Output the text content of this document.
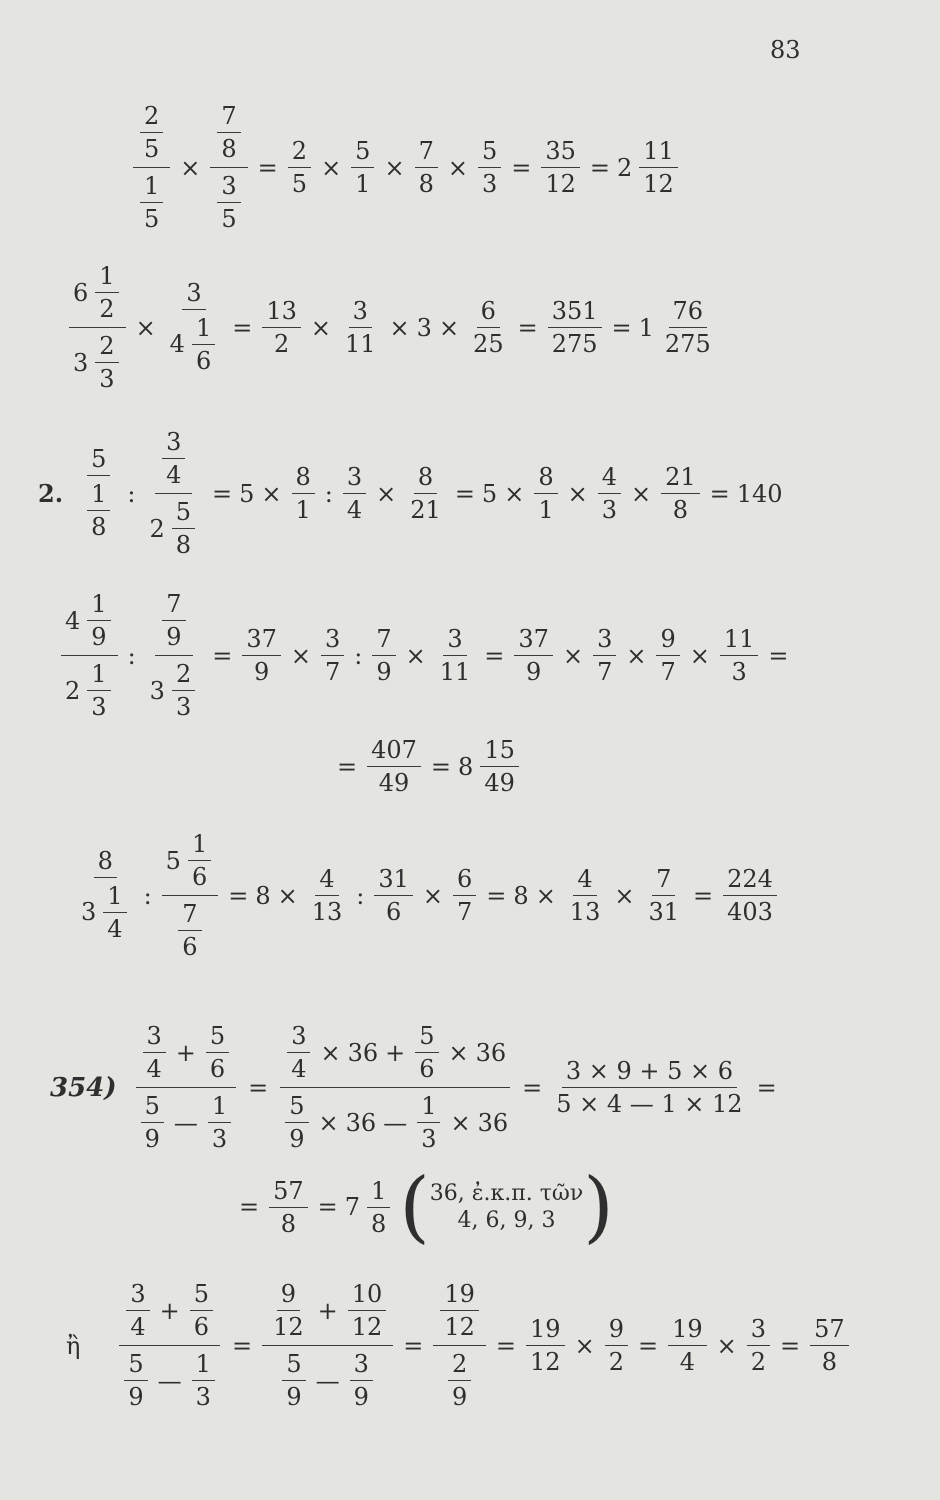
83
$\frac{\frac{2}{5}}{\frac{1}{5}} \times \frac{\frac{7}{8}}{\frac{3}{5}} = \frac{2}{5} \times \frac{5}{1} \times \frac{7}{8} \times \frac{5}{3} = \frac{35}{12} = 2 \frac{11}{12}$
$\frac{6 \frac{1}{2}}{3 \frac{2}{3}} \times \frac{3}{4 \frac{1}{6}} = \frac{13}{2} \times \frac{3}{11} \times 3 \times \frac{6}{25} = \frac{351}{275} = 1 \frac{76}{275}$
2. $\frac{5}{\frac{1}{8}}$ : $\frac{\frac{3}{4}}{2 \frac{5}{8}} = 5 \times \frac{8}{1}$ : $\frac{3}{4} \times \frac{8}{21} = 5 \times \frac{8}{1} \times \frac{4}{3} \times \frac{21}{8} = 140$
$\frac{4 \frac{1}{9}}{2 \frac{1}{3}}$ : $\frac{\frac{7}{9}}{3 \frac{2}{3}} = \frac{37}{9} \times \frac{3}{7}$ : $\frac{7}{9} \times \frac{3}{11} = \frac{37}{9} \times \frac{3}{7} \times \frac{9}{7} \times \frac{11}{3}$ =
= $\frac{407}{49} = 8 \frac{15}{49}$
$\frac{8}{3 \frac{1}{4}}$ : $\frac{5 \frac{1}{6}}{\frac{7}{6}} = 8 \times \frac{4}{13}$ : $\frac{31}{6} \times \frac{6}{7} = 8 \times \frac{4}{13} \times \frac{7}{31} = \frac{224}{403}$
$354) \frac{\frac{3}{4} + \frac{5}{6}}{\frac{5}{9} — \frac{1}{3}} = \frac{\frac{3}{4} \times 36 + \frac{5}{6} \times 36}{\frac{5}{9} \times 36 — \frac{1}{3} \times 36} = \frac{3 \times 9 + 5 \times 6}{5 \times 4 — 1 \times 12}$ =
= $\frac{57}{8} = 7 \frac{1}{8}$ ( 36, ἐ.κ.π. τῶν
4, 6, 9, 3 )
ἢ $\frac{\frac{3}{4} + \frac{5}{6}}{\frac{5}{9} — \frac{1}{3}} = \frac{\frac{9}{12} + \frac{10}{12}}{\frac{5}{9} — \frac{3}{9}} = \frac{\frac{19}{12}}{\frac{2}{9}} = \frac{19}{12} \times \frac{9}{2} = \frac{19}{4} \times \frac{3}{2} = \frac{57}{8}$
